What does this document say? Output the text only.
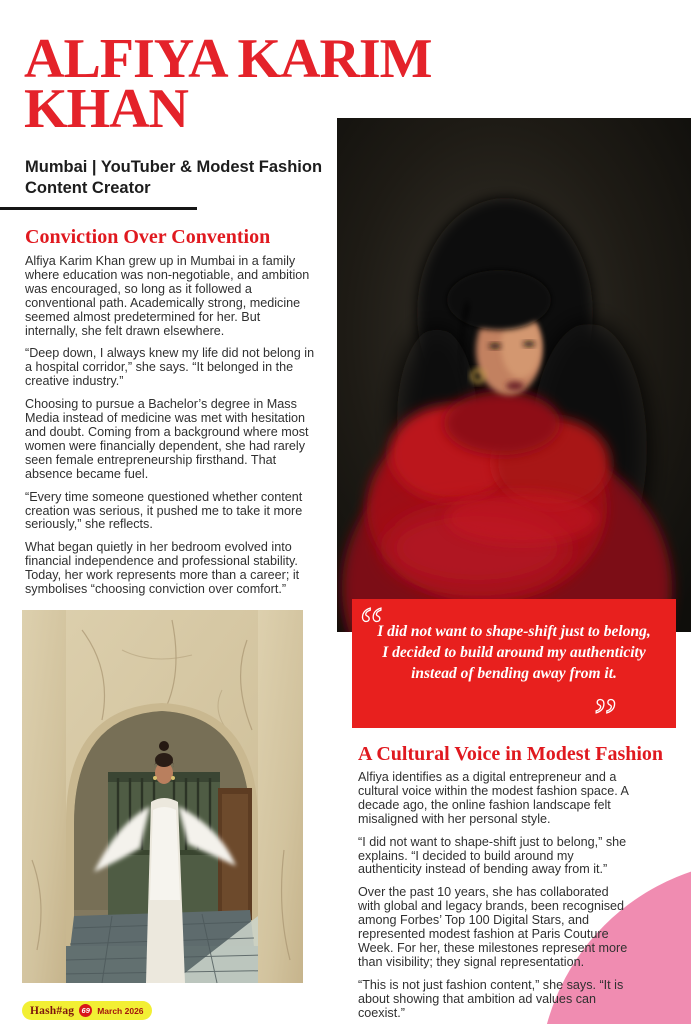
ALFIYA KARIM
KHAN
Mumbai | YouTuber & Modest Fashion Content Creator
Conviction Over Convention

Alfiya Karim Khan grew up in Mumbai in a family where education was non-negotiable, and ambition was encouraged, so long as it followed a conventional path. Academically strong, medicine seemed almost predetermined for her. But internally, she felt drawn elsewhere.

“Deep down, I always knew my life did not belong in a hospital corridor,” she says. “It belonged in the creative industry.”

Choosing to pursue a Bachelor’s degree in Mass Media instead of medicine was met with hesitation and doubt. Coming from a background where most women were financially dependent, she had rarely seen female entrepreneurship firsthand. That absence became fuel.

“Every time someone questioned whether content creation was serious, it pushed me to take it more seriously,” she reflects.

What began quietly in her bedroom evolved into financial independence and professional stability. Today, her work represents more than a career; it symbolises “choosing conviction over comfort.”

“
I did not want to shape-shift just to belong, I decided to build around my authenticity instead of bending away from it.
”
A Cultural Voice in Modest Fashion

Alfiya identifies as a digital entrepreneur and a cultural voice within the modest fashion space. A decade ago, the online fashion landscape felt misaligned with her personal style.

“I did not want to shape-shift just to belong,” she explains. “I decided to build around my authenticity instead of bending away from it.”

Over the past 10 years, she has collaborated with global and legacy brands, been recognised among Forbes’ Top 100 Digital Stars, and represented modest fashion at Paris Couture Week. For her, these milestones represent more than visibility; they signal representation.

“This is not just fashion content,” she says. “It is about showing that ambition ad values can coexist.”

Hash#ag 69 March 2026
